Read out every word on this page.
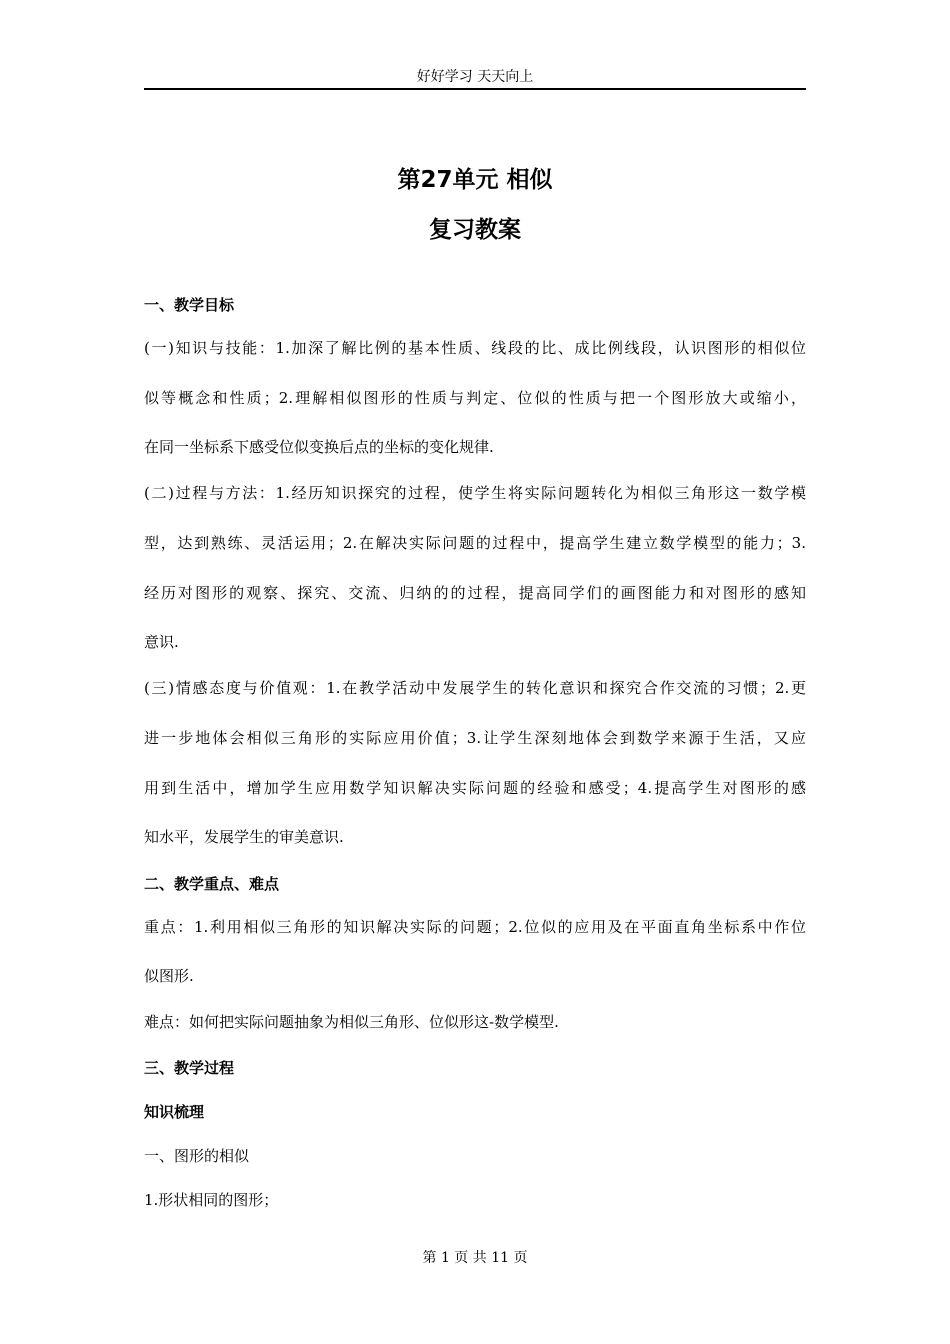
好好学习 天天向上
第27单元 相似
复习教案
一、教学目标
(一)知识与技能：1.加深了解比例的基本性质、线段的比、成比例线段，认识图形的相似位
似等概念和性质；2.理解相似图形的性质与判定、位似的性质与把一个图形放大或缩小，
在同一坐标系下感受位似变换后点的坐标的变化规律.
(二)过程与方法：1.经历知识探究的过程，使学生将实际问题转化为相似三角形这一数学模
型，达到熟练、灵活运用；2.在解决实际问题的过程中，提高学生建立数学模型的能力；3.
经历对图形的观察、探究、交流、归纳的的过程，提高同学们的画图能力和对图形的感知
意识.
(三)情感态度与价值观：1.在教学活动中发展学生的转化意识和探究合作交流的习惯；2.更
进一步地体会相似三角形的实际应用价值；3.让学生深刻地体会到数学来源于生活，又应
用到生活中，增加学生应用数学知识解决实际问题的经验和感受；4.提高学生对图形的感
知水平，发展学生的审美意识.
二、教学重点、难点
重点：1.利用相似三角形的知识解决实际的问题；2.位似的应用及在平面直角坐标系中作位
似图形.
难点：如何把实际问题抽象为相似三角形、位似形这-数学模型.
三、教学过程
知识梳理
一、图形的相似
1.形状相同的图形；
第 1 页 共 11 页
